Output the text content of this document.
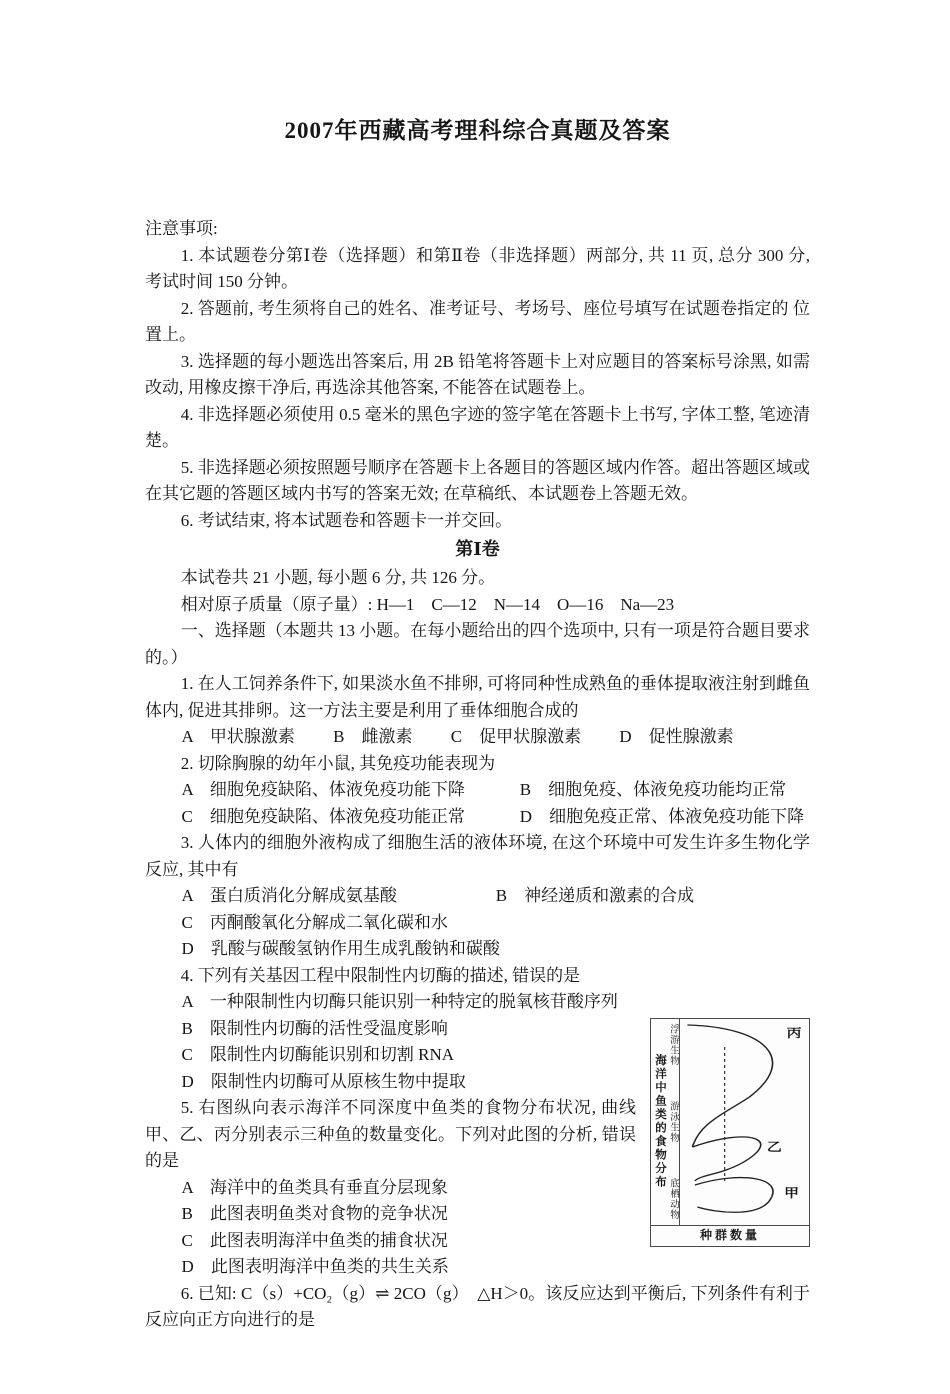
2007年西藏高考理科综合真题及答案

注意事项:

1. 本试题卷分第Ⅰ卷（选择题）和第Ⅱ卷（非选择题）两部分, 共 11 页, 总分 300 分, 考试时间 150 分钟。

2. 答题前, 考生须将自己的姓名、准考证号、考场号、座位号填写在试题卷指定的 位置上。

3. 选择题的每小题选出答案后, 用 2B 铅笔将答题卡上对应题目的答案标号涂黑, 如需改动, 用橡皮擦干净后, 再选涂其他答案, 不能答在试题卷上。

4. 非选择题必须使用 0.5 毫米的黑色字迹的签字笔在答题卡上书写, 字体工整, 笔迹清楚。

5. 非选择题必须按照题号顺序在答题卡上各题目的答题区域内作答。超出答题区域或在其它题的答题区域内书写的答案无效; 在草稿纸、本试题卷上答题无效。

6. 考试结束, 将本试题卷和答题卡一并交回。

第Ⅰ卷

本试卷共 21 小题, 每小题 6 分, 共 126 分。

相对原子质量（原子量）: H—1　C—12　N—14　O—16　Na—23

一、选择题（本题共 13 小题。在每小题给出的四个选项中, 只有一项是符合题目要求的。）

1. 在人工饲养条件下, 如果淡水鱼不排卵, 可将同种性成熟鱼的垂体提取液注射到雌鱼体内, 促进其排卵。这一方法主要是利用了垂体细胞合成的

A　甲状腺激素 B　雌激素 C　促甲状腺激素 D　促性腺激素

2. 切除胸腺的幼年小鼠, 其免疫功能表现为

A　细胞免疫缺陷、体液免疫功能下降	B　细胞免疫、体液免疫功能均正常

C　细胞免疫缺陷、体液免疫功能正常	D　细胞免疫正常、体液免疫功能下降

3. 人体内的细胞外液构成了细胞生活的液体环境, 在这个环境中可发生许多生物化学反应, 其中有

A　蛋白质消化分解成氨基酸	B　神经递质和激素的合成

C　丙酮酸氧化分解成二氧化碳和水 D　乳酸与碳酸氢钠作用生成乳酸钠和碳酸

4. 下列有关基因工程中限制性内切酶的描述, 错误的是

A　一种限制性内切酶只能识别一种特定的脱氧核苷酸序列

海洋中鱼类的食物分布
浮游生物
游泳生物
底栖动物
丙
乙
甲
种群数量

B　限制性内切酶的活性受温度影响

C　限制性内切酶能识别和切割 RNA

D　限制性内切酶可从原核生物中提取

5. 右图纵向表示海洋不同深度中鱼类的食物分布状况, 曲线甲、乙、丙分别表示三种鱼的数量变化。下列对此图的分析, 错误的是

A　海洋中的鱼类具有垂直分层现象

B　此图表明鱼类对食物的竞争状况

C　此图表明海洋中鱼类的捕食状况

D　此图表明海洋中鱼类的共生关系

6. 已知: C（s）+CO₂（g）⇌ 2CO（g）　△H＞0。该反应达到平衡后, 下列条件有利于反应向正方向进行的是
